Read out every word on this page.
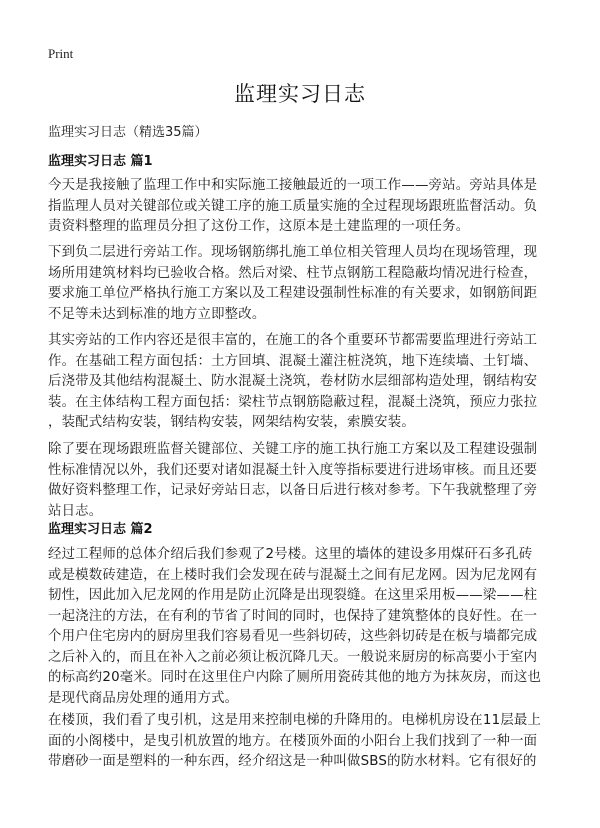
Print
监理实习日志
监理实习日志（精选35篇）
监理实习日志 篇1
今天是我接触了监理工作中和实际施工接触最近的一项工作——旁站。旁站具体是
指监理人员对关键部位或关键工序的施工质量实施的全过程现场跟班监督活动。负
责资料整理的监理员分担了这份工作，这原本是土建监理的一项任务。
下到负二层进行旁站工作。现场钢筋绑扎施工单位相关管理人员均在现场管理，现
场所用建筑材料均已验收合格。然后对梁、柱节点钢筋工程隐蔽均情况进行检查，
要求施工单位严格执行施工方案以及工程建设强制性标准的有关要求，如钢筋间距
不足等未达到标准的地方立即整改。
其实旁站的工作内容还是很丰富的，在施工的各个重要环节都需要监理进行旁站工
作。在基础工程方面包括：土方回填、混凝土灌注桩浇筑，地下连续墙、土钉墙、
后浇带及其他结构混凝土、防水混凝土浇筑，卷材防水层细部构造处理，钢结构安
装。在主体结构工程方面包括：梁柱节点钢筋隐蔽过程，混凝土浇筑，预应力张拉
，装配式结构安装，钢结构安装，网架结构安装，索膜安装。
除了要在现场跟班监督关键部位、关键工序的施工执行施工方案以及工程建设强制
性标准情况以外，我们还要对诸如混凝土针入度等指标要进行进场审核。而且还要
做好资料整理工作，记录好旁站日志，以备日后进行核对参考。下午我就整理了旁
站日志。
监理实习日志 篇2
经过工程师的总体介绍后我们参观了2号楼。这里的墙体的建设多用煤矸石多孔砖
或是模数砖建造，在上楼时我们会发现在砖与混凝土之间有尼龙网。因为尼龙网有
韧性，因此加入尼龙网的作用是防止沉降是出现裂缝。在这里采用板——梁——柱
一起浇注的方法，在有利的节省了时间的同时，也保持了建筑整体的良好性。在一
个用户住宅房内的厨房里我们容易看见一些斜切砖，这些斜切砖是在板与墙都完成
之后补入的，而且在补入之前必须让板沉降几天。一般说来厨房的标高要小于室内
的标高约20毫米。同时在这里住户内除了厕所用瓷砖其他的地方为抹灰房，而这也
是现代商品房处理的通用方式。
在楼顶，我们看了曳引机，这是用来控制电梯的升降用的。电梯机房设在11层最上
面的小阁楼中，是曳引机放置的地方。在楼顶外面的小阳台上我们找到了一种一面
带磨砂一面是塑料的一种东西，经介绍这是一种叫做SBS的防水材料。它有很好的
